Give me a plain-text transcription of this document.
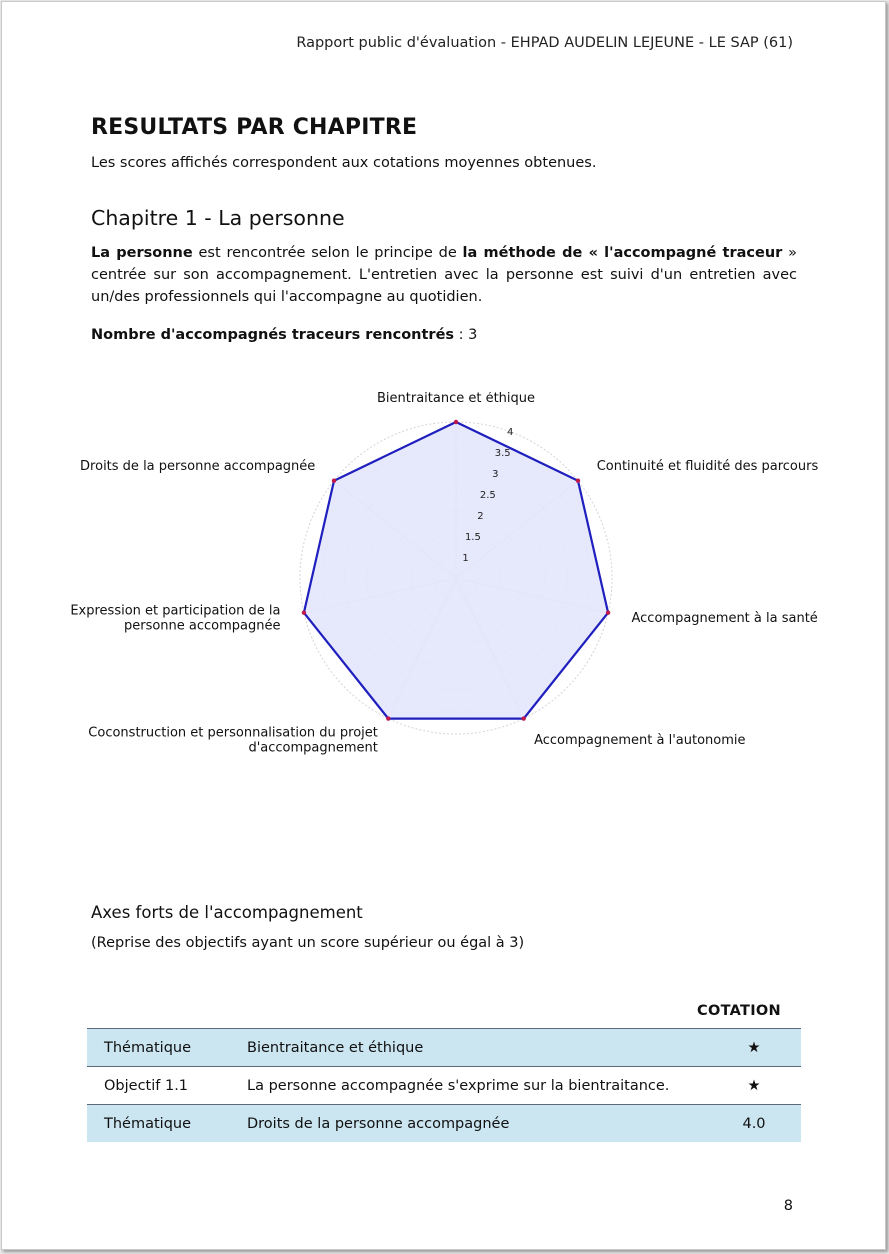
Rapport public d'évaluation - EHPAD AUDELIN LEJEUNE - LE SAP (61)
RESULTATS PAR CHAPITRE

Les scores affichés correspondent aux cotations moyennes obtenues.

Chapitre 1 - La personne

La personne est rencontrée selon le principe de la méthode de « l'accompagné traceur » centrée sur son accompagnement. L'entretien avec la personne est suivi d'un entretien avec un/des professionnels qui l'accompagne au quotidien.

Nombre d'accompagnés traceurs rencontrés : 3

1
1.5
2
2.5
3
3.5
4
Bientraitance et éthique
Continuité et fluidité des parcours
Accompagnement à la santé
Accompagnement à l'autonomie
Coconstruction et personnalisation du projet d'accompagnement
Expression et participation de la personne accompagnée
Droits de la personne accompagnée
Axes forts de l'accompagnement

(Reprise des objectifs ayant un score supérieur ou égal à 3)

COTATION
Thématique	Bientraitance et éthique	★
Objectif 1.1	La personne accompagnée s'exprime sur la bientraitance.	★
Thématique	Droits de la personne accompagnée	4.0
8
